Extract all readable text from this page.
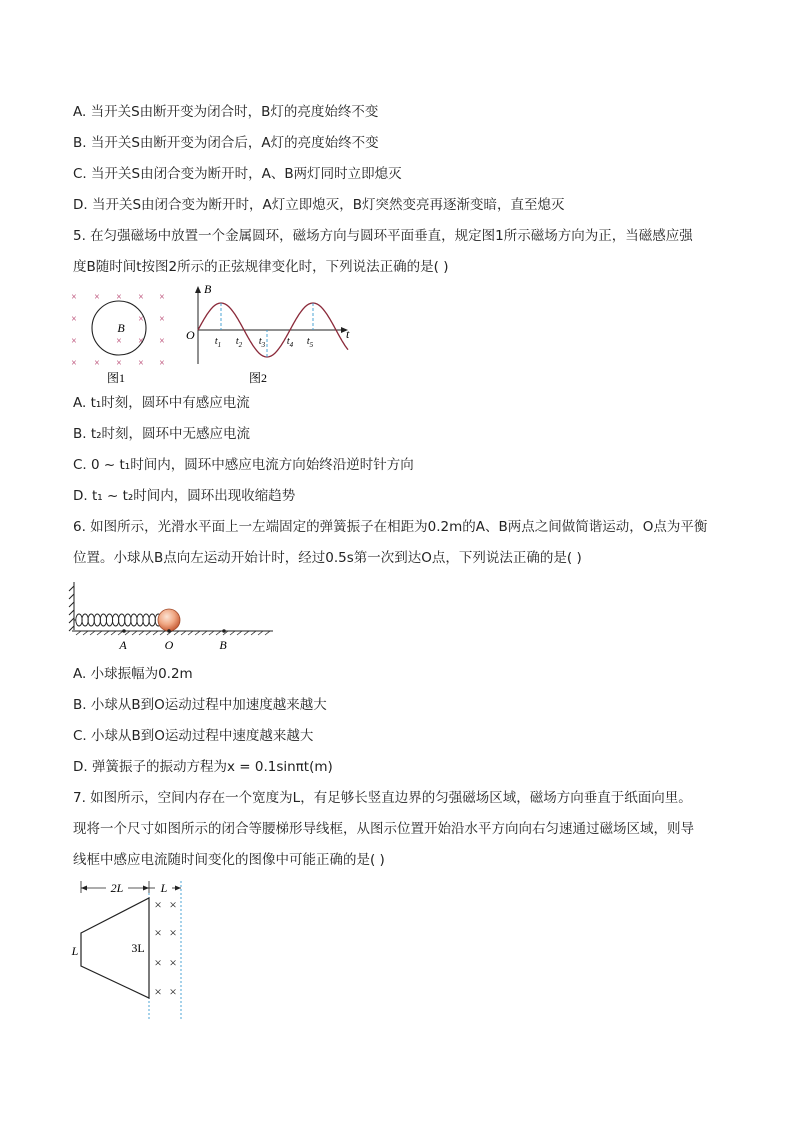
A. 当开关S由断开变为闭合时，B灯的亮度始终不变
B. 当开关S由断开变为闭合后，A灯的亮度始终不变
C. 当开关S由闭合变为断开时，A、B两灯同时立即熄灭
D. 当开关S由闭合变为断开时，A灯立即熄灭，B灯突然变亮再逐渐变暗，直至熄灭
5. 在匀强磁场中放置一个金属圆环，磁场方向与圆环平面垂直，规定图1所示磁场方向为正，当磁感应强
度B随时间t按图2所示的正弦规律变化时，下列说法正确的是( )
×
×
×
×
×
×
×
×
×
×
×
×
×
×
×
×
×
B
图1
B
t
O $t_1$ $t_2$ $t_3$ $t_4$ $t_5$
图2
A. t₁时刻，圆环中有感应电流
B. t₂时刻，圆环中无感应电流
C. 0 ~ t₁时间内，圆环中感应电流方向始终沿逆时针方向
D. t₁ ~ t₂时间内，圆环出现收缩趋势
6. 如图所示，光滑水平面上一左端固定的弹簧振子在相距为0.2m的A、B两点之间做简谐运动，O点为平衡
位置。小球从B点向左运动开始计时，经过0.5s第一次到达O点，下列说法正确的是( )
A	O	B
A. 小球振幅为0.2m
B. 小球从B到O运动过程中加速度越来越大
C. 小球从B到O运动过程中速度越来越大
D. 弹簧振子的振动方程为x = 0.1sinπt(m)
7. 如图所示，空间内存在一个宽度为L，有足够长竖直边界的匀强磁场区域，磁场方向垂直于纸面向里。
现将一个尺寸如图所示的闭合等腰梯形导线框，从图示位置开始沿水平方向向右匀速通过磁场区域，则导
线框中感应电流随时间变化的图像中可能正确的是( )
2L	L
L	3L
× ×
× ×
× ×
× ×
